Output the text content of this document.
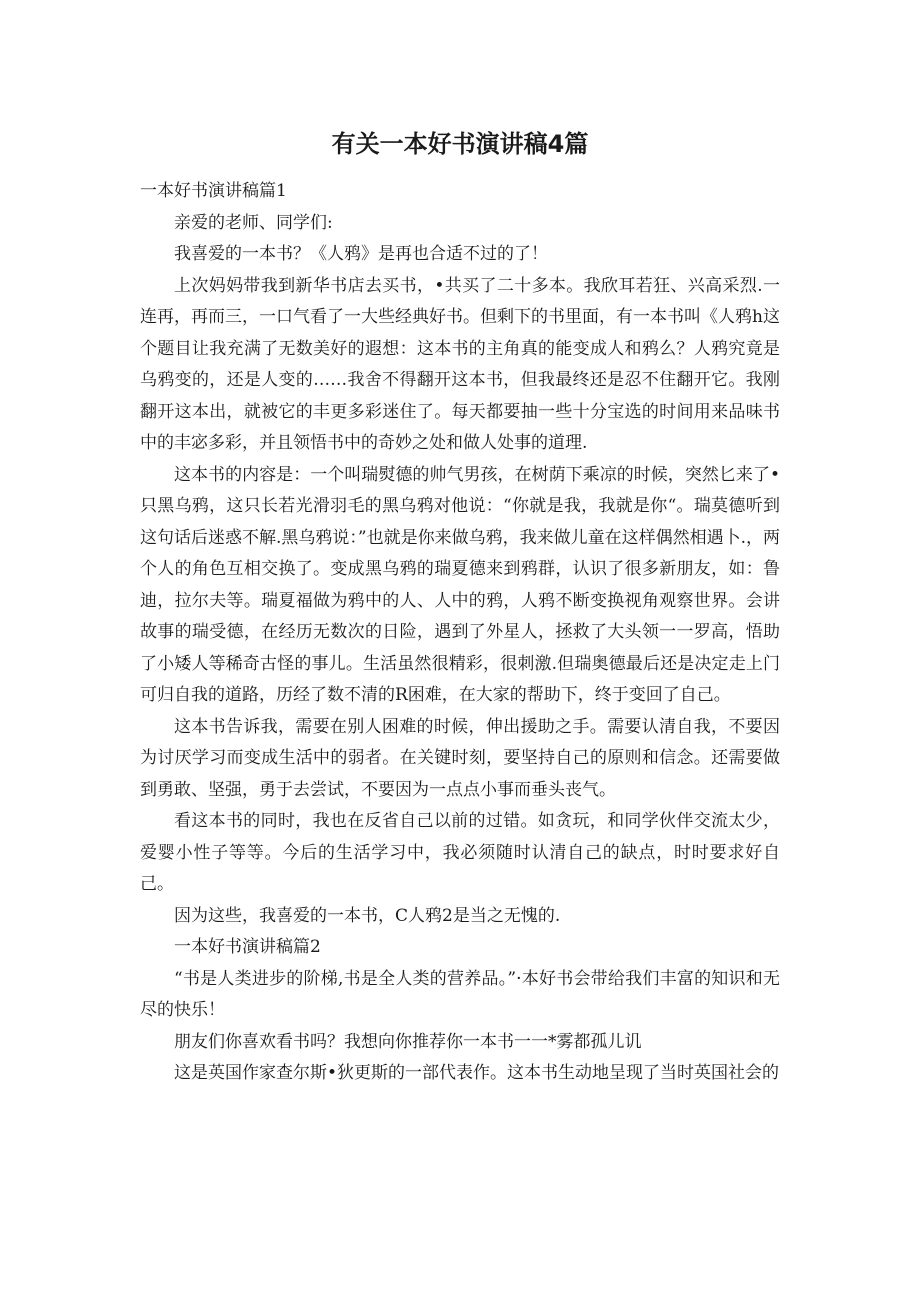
有关一本好书演讲稿4篇

一本好书演讲稿篇1

亲爱的老师、同学们:

我喜爱的一本书？《人鸦》是再也合适不过的了！

上次妈妈带我到新华书店去买书，•共买了二十多本。我欣耳若狂、兴高采烈.一连再，再而三，一口气看了一大些经典好书。但剩下的书里面，有一本书叫《人鸦h这个题目让我充满了无数美好的遐想：这本书的主角真的能变成人和鸦么？人鸦究竟是乌鸦变的，还是人变的……我舍不得翻开这本书，但我最终还是忍不住翻开它。我刚翻开这本出，就被它的丰更多彩迷住了。每天都要抽一些十分宝选的时间用来品味书中的丰宓多彩，并且领悟书中的奇妙之处和做人处事的道理.

这本书的内容是：一个叫瑞熨德的帅气男孩，在树荫下乘凉的时候，突然匕来了•只黑乌鸦，这只长若光滑羽毛的黑乌鸦对他说：“你就是我，我就是你“。瑞莫德听到这句话后迷惑不解.黑乌鸦说：”也就是你来做乌鸦，我来做儿童在这样偶然相遇卜.，两个人的角色互相交换了。变成黑乌鸦的瑞夏德来到鸦群，认识了很多新朋友，如：鲁迪，拉尔夫等。瑞夏福做为鸦中的人、人中的鸦，人鸦不断变换视角观察世界。会讲故事的瑞受德，在经历无数次的日险，遇到了外星人，拯救了大头领一一罗高，悟助了小矮人等稀奇古怪的事儿。生活虽然很精彩，很刺激.但瑞奥德最后还是决定走上门可归自我的道路，历经了数不清的R困难，在大家的帮助下，终于变回了自己。

这本书告诉我，需要在别人困难的时候，伸出援助之手。需要认清自我，不要因为讨厌学习而变成生活中的弱者。在关键时刻，要坚持自己的原则和信念。还需要做到勇敢、坚强，勇于去尝试，不要因为一点点小事而垂头丧气。

看这本书的同时，我也在反省自己以前的过错。如贪玩，和同学伙伴交流太少，爱婴小性子等等。今后的生活学习中，我必须随时认清自己的缺点，时时要求好自己。

因为这些，我喜爱的一本书，C人鸦2是当之无愧的.

一本好书演讲稿篇2

“书是人类进步的阶梯,书是全人类的营养品。”·本好书会带给我们丰富的知识和无尽的快乐！

朋友们你喜欢看书吗？我想向你推荐你一本书一一*雾都孤儿讥

这是英国作家查尔斯•狄更斯的一部代表作。这本书生动地呈现了当时英国社会的
